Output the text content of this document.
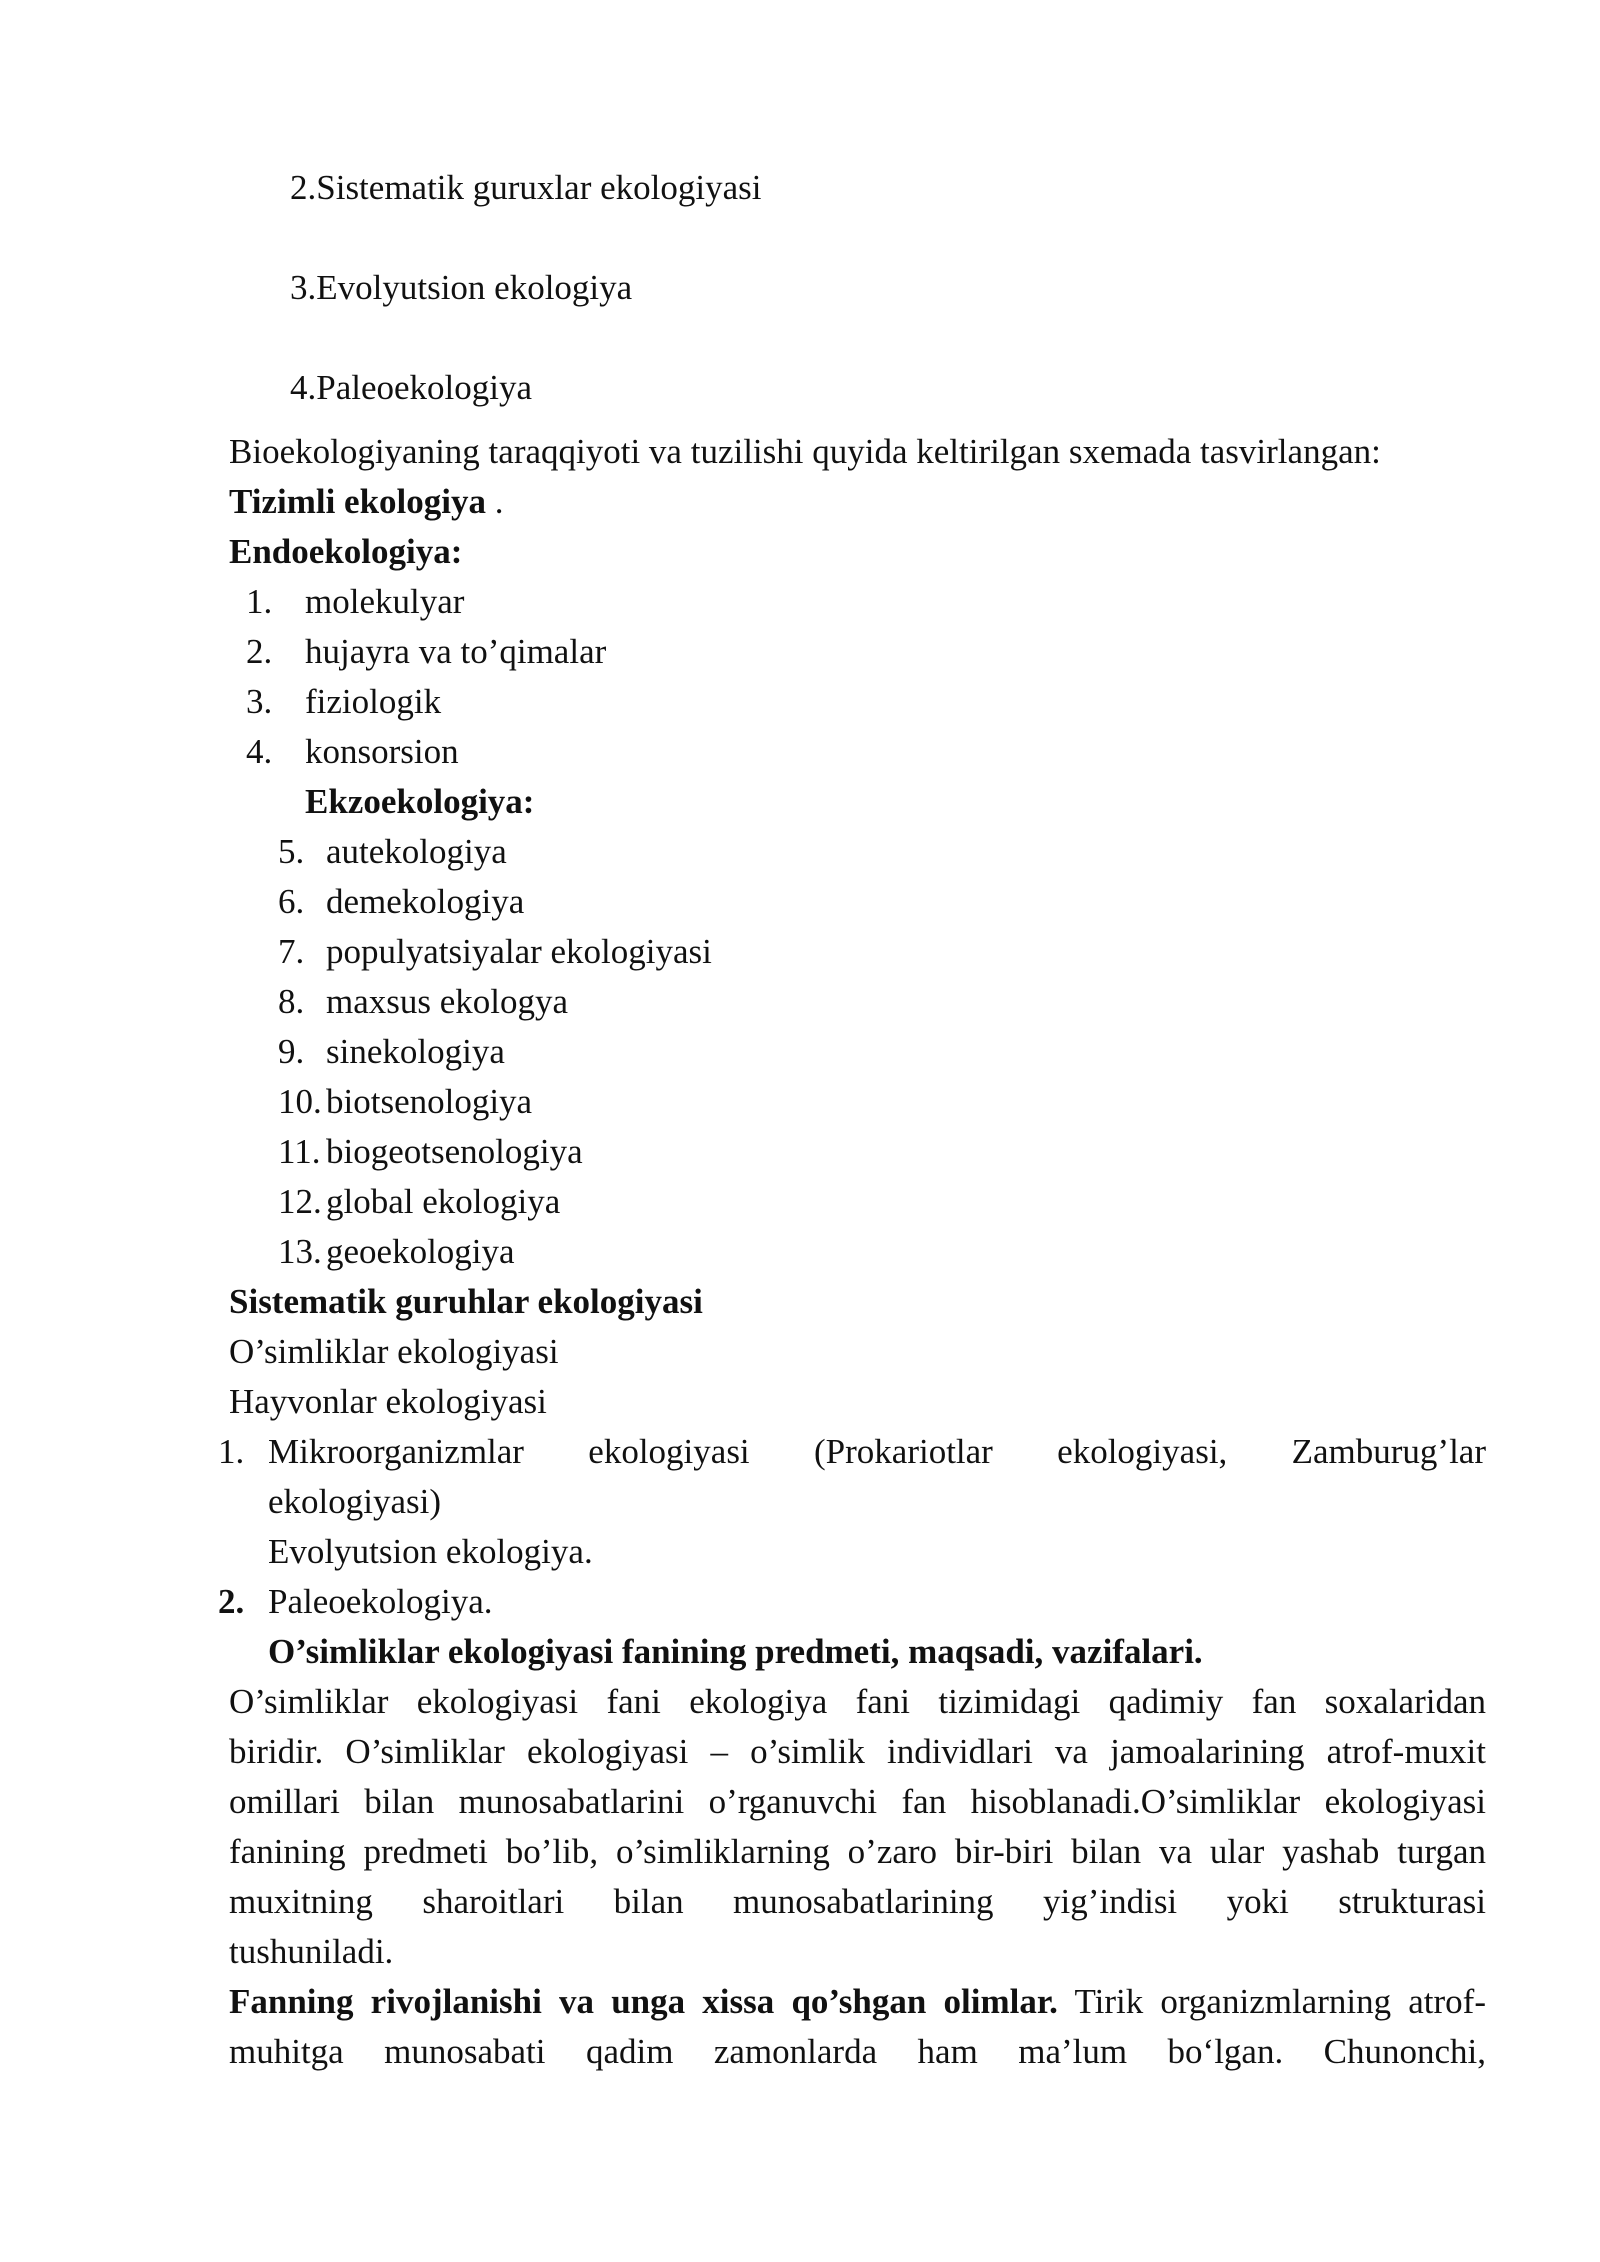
2.Sistematik guruxlar ekologiyasi
3.Evolyutsion ekologiya
4.Paleoekologiya
Bioekologiyaning taraqqiyoti va tuzilishi quyida keltirilgan sxemada tasvirlangan:
Tizimli ekologiya .
Endoekologiya:
1. molekulyar
2. hujayra va to’qimalar
3. fiziologik
4. konsorsion
Ekzoekologiya:
5. autekologiya
6. demekologiya
7. populyatsiyalar ekologiyasi
8. maxsus ekologya
9. sinekologiya
10. biotsenologiya
11. biogeotsenologiya
12. global ekologiya
13. geoekologiya
Sistematik guruhlar ekologiyasi
O’simliklar ekologiyasi
Hayvonlar ekologiyasi
1. Mikroorganizmlar ekologiyasi (Prokariotlar ekologiyasi, Zamburug’lar
ekologiyasi)
Evolyutsion ekologiya.
2. Paleoekologiya.
O’simliklar ekologiyasi fanining predmeti, maqsadi, vazifalari.
O’simliklar ekologiyasi fani ekologiya fani tizimidagi qadimiy fan soxalaridan
biridir. O’simliklar ekologiyasi – o’simlik individlari va jamoalarining atrof-muxit
omillari bilan munosabatlarini o’rganuvchi fan hisoblanadi.O’simliklar ekologiyasi
fanining predmeti bo’lib, o’simliklarning o’zaro bir-biri bilan va ular yashab turgan
muxitning sharoitlari bilan munosabatlarining yig’indisi yoki strukturasi
tushuniladi.
Fanning rivojlanishi va unga xissa qo’shgan olimlar. Tirik organizmlarning atrof-
muhitga munosabati qadim zamonlarda ham ma’lum bo‘lgan. Chunonchi,
